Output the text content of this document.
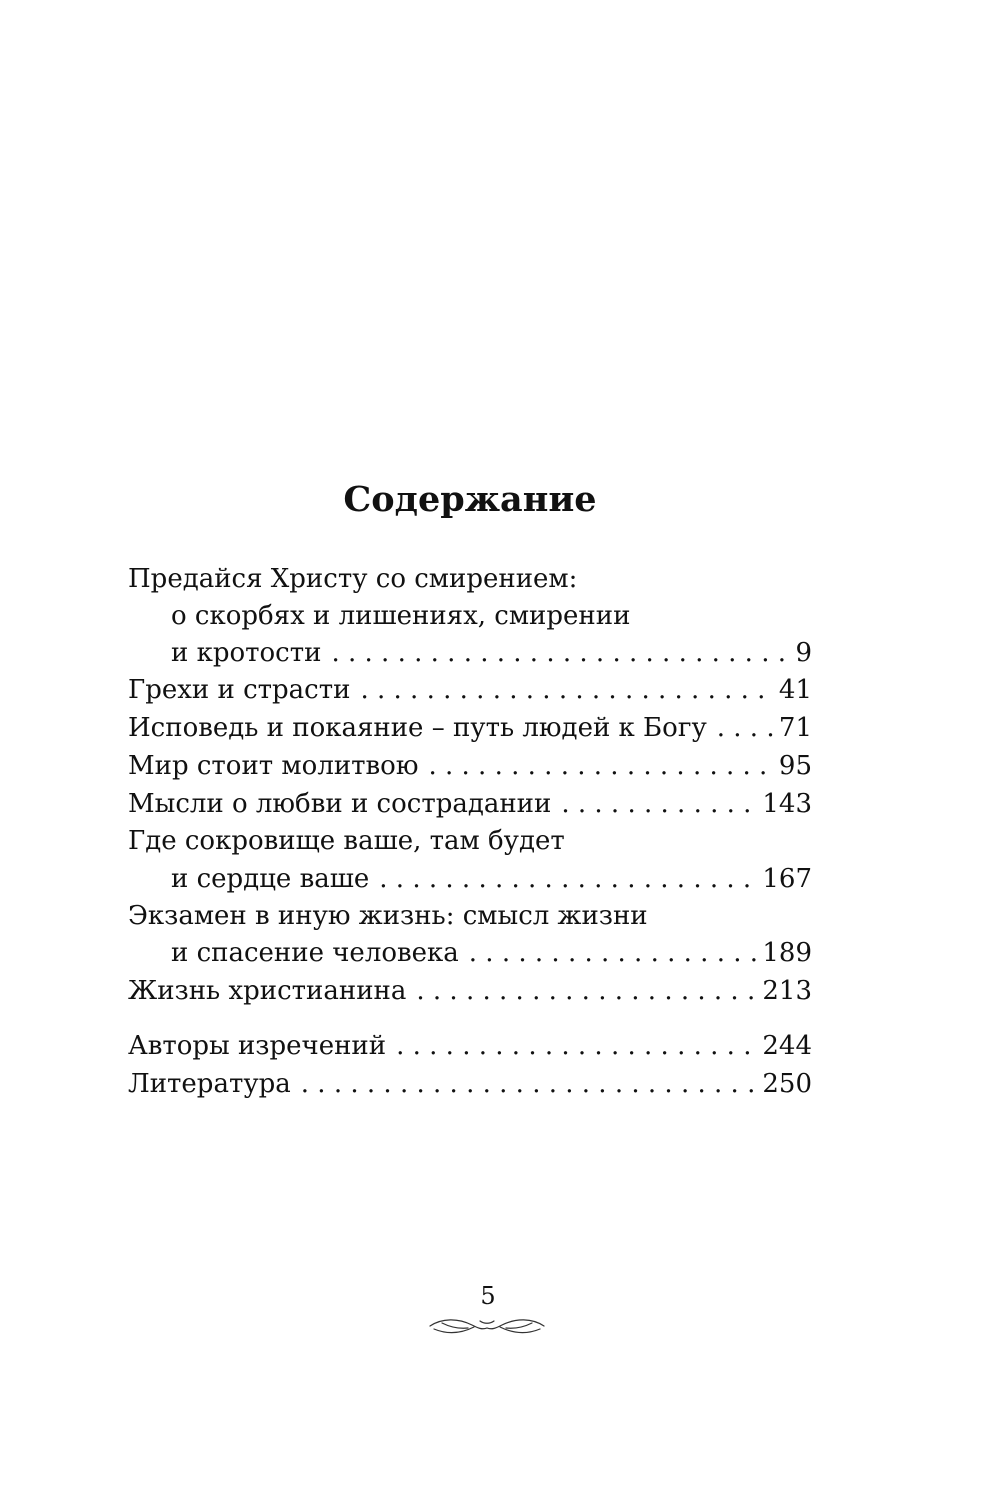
Содержание
Предайся Христу со смирением:
о скорбях и лишениях, смирении
и кротости . . .	9
Грехи и страсти . . .	41
Исповедь и покаяние – путь людей к Богу . . .	71
Мир стоит молитвою . . .	95
Мысли о любви и сострадании . . .	143
Где сокровище ваше, там будет
и сердце ваше . . .	167
Экзамен в иную жизнь: смысл жизни
и спасение человека . . .	189
Жизнь христианина . . .	213
Авторы изречений . . .	244
Литература . . .	250

5
